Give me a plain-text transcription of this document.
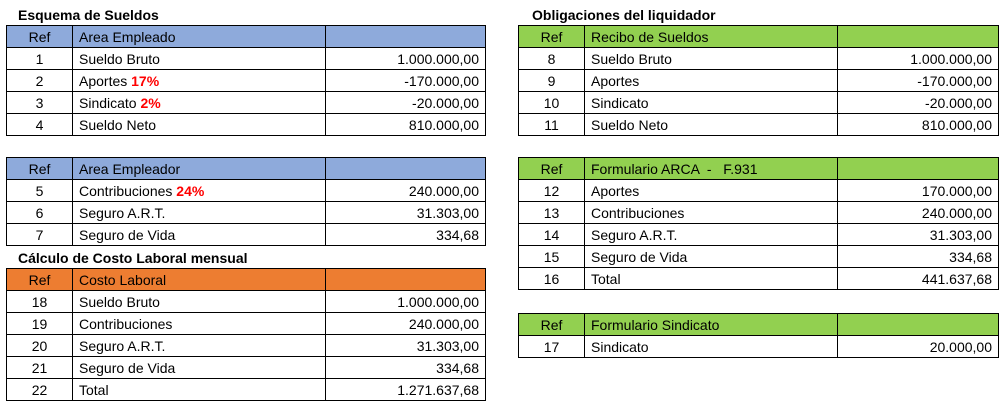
Esquema de Sueldos	Obligaciones del liquidador
Cálculo de Costo Laboral mensual
Ref	Area Empleado	
1	Sueldo Bruto	1.000.000,00
2	Aportes 17%	-170.000,00
3	Sindicato 2%	-20.000,00
4	Sueldo Neto	810.000,00
Ref	Area Empleador	
5	Contribuciones 24%	240.000,00
6	Seguro A.R.T.	31.303,00
7	Seguro de Vida	334,68
Ref	Costo Laboral	
18	Sueldo Bruto	1.000.000,00
19	Contribuciones	240.000,00
20	Seguro A.R.T.	31.303,00
21	Seguro de Vida	334,68
22	Total	1.271.637,68
Ref	Recibo de Sueldos	
8	Sueldo Bruto	1.000.000,00
9	Aportes	-170.000,00
10	Sindicato	-20.000,00
11	Sueldo Neto	810.000,00
Ref	Formulario ARCA  -   F.931	
12	Aportes	170.000,00
13	Contribuciones	240.000,00
14	Seguro A.R.T.	31.303,00
15	Seguro de Vida	334,68
16	Total	441.637,68
Ref	Formulario Sindicato	
17	Sindicato	20.000,00
